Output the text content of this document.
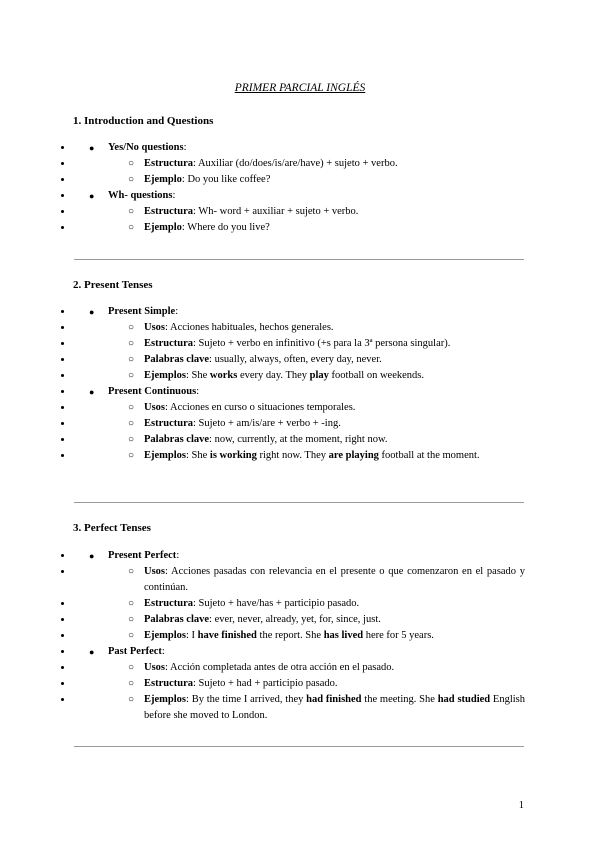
PRIMER PARCIAL INGLÉS
1. Introduction and Questions
• ● Yes/No questions:
• ○ Estructura: Auxiliar (do/does/is/are/have) + sujeto + verbo.
• ○ Ejemplo: Do you like coffee?
• ● Wh- questions:
• ○ Estructura: Wh- word + auxiliar + sujeto + verbo.
• ○ Ejemplo: Where do you live?
2. Present Tenses
• ● Present Simple:
• ○ Usos: Acciones habituales, hechos generales.
• ○ Estructura: Sujeto + verbo en infinitivo (+s para la 3ª persona singular).
• ○ Palabras clave: usually, always, often, every day, never.
• ○ Ejemplos: She works every day. They play football on weekends.
• ● Present Continuous:
• ○ Usos: Acciones en curso o situaciones temporales.
• ○ Estructura: Sujeto + am/is/are + verbo + -ing.
• ○ Palabras clave: now, currently, at the moment, right now.
• ○ Ejemplos: She is working right now. They are playing football at the moment.
3. Perfect Tenses
• ● Present Perfect:
• ○ Usos: Acciones pasadas con relevancia en el presente o que comenzaron en el pasado y continúan.
• ○ Estructura: Sujeto + have/has + participio pasado.
• ○ Palabras clave: ever, never, already, yet, for, since, just.
• ○ Ejemplos: I have finished the report. She has lived here for 5 years.
• ● Past Perfect:
• ○ Usos: Acción completada antes de otra acción en el pasado.
• ○ Estructura: Sujeto + had + participio pasado.
• ○ Ejemplos: By the time I arrived, they had finished the meeting. She had studied English before she moved to London.
1
